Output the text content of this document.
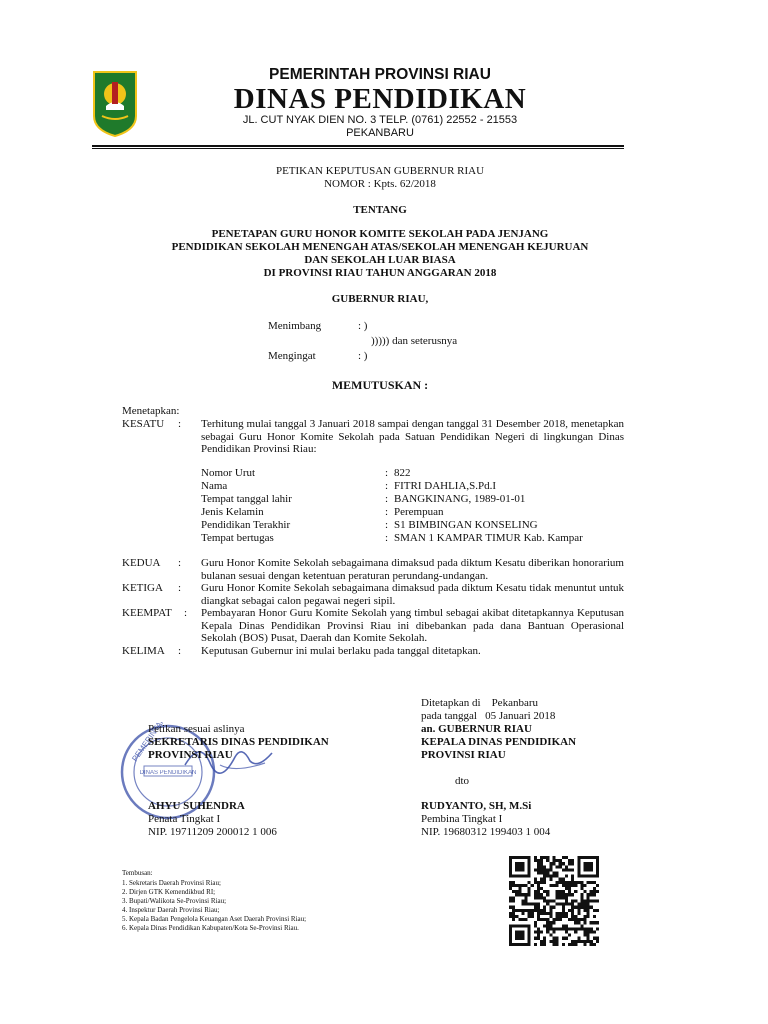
PEMERINTAH PROVINSI RIAU
DINAS PENDIDIKAN
JL. CUT NYAK DIEN NO. 3 TELP. (0761) 22552 - 21553
PEKANBARU
PETIKAN KEPUTUSAN GUBERNUR RIAU
NOMOR : Kpts. 62/2018
TENTANG
PENETAPAN GURU HONOR KOMITE SEKOLAH PADA JENJANG
PENDIDIKAN SEKOLAH MENENGAH ATAS/SEKOLAH MENENGAH KEJURUAN
DAN SEKOLAH LUAR BIASA
DI PROVINSI RIAU TAHUN ANGGARAN 2018
GUBERNUR RIAU,
Menimbang	: )
))))) dan seterusnya
Mengingat	: )
MEMUTUSKAN :
Menetapkan:
KESATU : Terhitung mulai tanggal 3 Januari 2018 sampai dengan tanggal 31 Desember 2018, menetapkan sebagai Guru Honor Komite Sekolah pada Satuan Pendidikan Negeri di lingkungan Dinas Pendidikan Provinsi Riau:
Nomor Urut	: 822
Nama	: FITRI DAHLIA,S.Pd.I
Tempat tanggal lahir	: BANGKINANG, 1989-01-01
Jenis Kelamin	: Perempuan
Pendidikan Terakhir	: S1 BIMBINGAN KONSELING
Tempat bertugas	: SMAN 1 KAMPAR TIMUR Kab. Kampar
KEDUA : Guru Honor Komite Sekolah sebagaimana dimaksud pada diktum Kesatu diberikan honorarium bulanan sesuai dengan ketentuan peraturan perundang-undangan.
KETIGA : Guru Honor Komite Sekolah sebagaimana dimaksud pada diktum Kesatu tidak menuntut untuk diangkat sebagai calon pegawai negeri sipil.
KEEMPAT : Pembayaran Honor Guru Komite Sekolah yang timbul sebagai akibat ditetapkannya Keputusan Kepala Dinas Pendidikan Provinsi Riau ini dibebankan pada dana Bantuan Operasional Sekolah (BOS) Pusat, Daerah dan Komite Sekolah.
KELIMA : Keputusan Gubernur ini mulai berlaku pada tanggal ditetapkan.
Ditetapkan di    Pekanbaru
pada tanggal   05 Januari 2018
an. GUBERNUR RIAU
KEPALA DINAS PENDIDIKAN
PROVINSI RIAU
dto
RUDYANTO, SH, M.Si
Pembina Tingkat I
NIP. 19680312 199403 1 004
PEMERINTAH
DINAS PENDIDIKAN
Petikan sesuai aslinya
SEKRETARIS DINAS PENDIDIKAN
PROVINSI RIAU
AHYU SUHENDRA
Penata Tingkat I
NIP. 19711209 200012 1 006
Tembusan:
1. Sekretaris Daerah Provinsi Riau;
2. Dirjen GTK Kemendikbud RI;
3. Bupati/Walikota Se-Provinsi Riau;
4. Inspektur Daerah Provinsi Riau;
5. Kepala Badan Pengelola Keuangan Aset Daerah Provinsi Riau;
6. Kepala Dinas Pendidikan Kabupaten/Kota Se-Provinsi Riau.
